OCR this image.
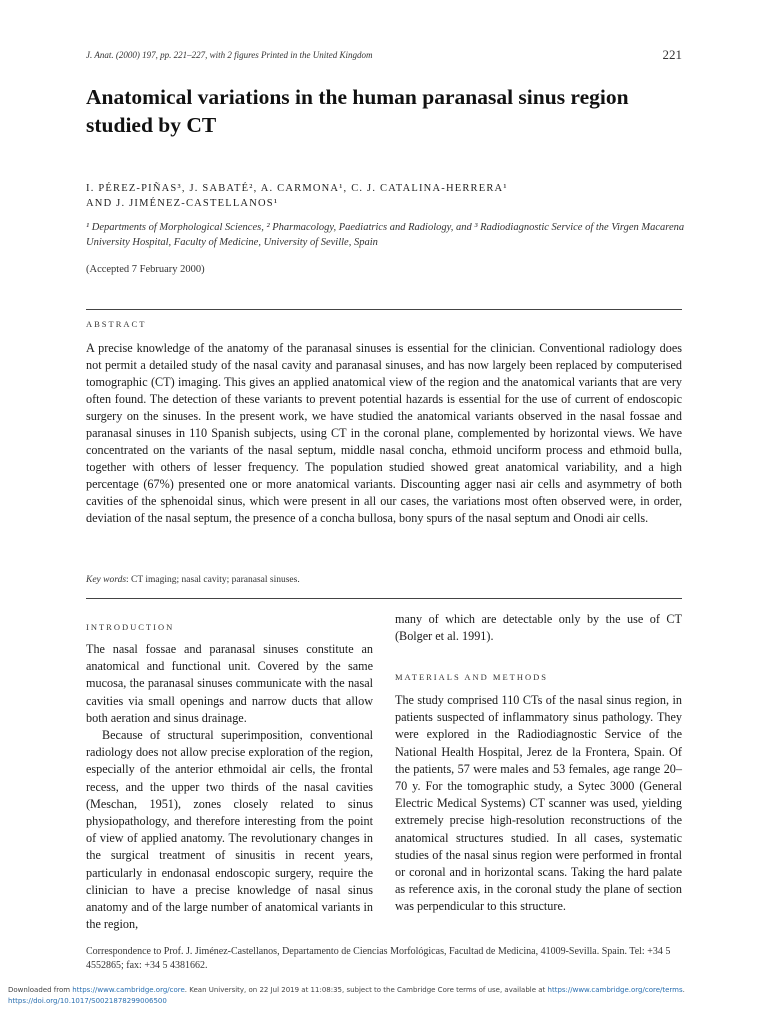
J. Anat. (2000) 197, pp. 221–227, with 2 figures Printed in the United Kingdom	221
Anatomical variations in the human paranasal sinus region studied by CT
I. PÉREZ-PIÑAS³, J. SABATÉ², A. CARMONA¹, C. J. CATALINA-HERRERA¹
AND J. JIMÉNEZ-CASTELLANOS¹
¹ Departments of Morphological Sciences, ² Pharmacology, Paediatrics and Radiology, and ³ Radiodiagnostic Service of the Virgen Macarena University Hospital, Faculty of Medicine, University of Seville, Spain
(Accepted 7 February 2000)
ABSTRACT
A precise knowledge of the anatomy of the paranasal sinuses is essential for the clinician. Conventional radiology does not permit a detailed study of the nasal cavity and paranasal sinuses, and has now largely been replaced by computerised tomographic (CT) imaging. This gives an applied anatomical view of the region and the anatomical variants that are very often found. The detection of these variants to prevent potential hazards is essential for the use of current of endoscopic surgery on the sinuses. In the present work, we have studied the anatomical variants observed in the nasal fossae and paranasal sinuses in 110 Spanish subjects, using CT in the coronal plane, complemented by horizontal views. We have concentrated on the variants of the nasal septum, middle nasal concha, ethmoid unciform process and ethmoid bulla, together with others of lesser frequency. The population studied showed great anatomical variability, and a high percentage (67%) presented one or more anatomical variants. Discounting agger nasi air cells and asymmetry of both cavities of the sphenoidal sinus, which were present in all our cases, the variations most often observed were, in order, deviation of the nasal septum, the presence of a concha bullosa, bony spurs of the nasal septum and Onodi air cells.
Key words: CT imaging; nasal cavity; paranasal sinuses.
INTRODUCTION

The nasal fossae and paranasal sinuses constitute an anatomical and functional unit. Covered by the same mucosa, the paranasal sinuses communicate with the nasal cavities via small openings and narrow ducts that allow both aeration and sinus drainage.

Because of structural superimposition, conventional radiology does not allow precise exploration of the region, especially of the anterior ethmoidal air cells, the frontal recess, and the upper two thirds of the nasal cavities (Meschan, 1951), zones closely related to sinus physiopathology, and therefore interesting from the point of view of applied anatomy. The revolutionary changes in the surgical treatment of sinusitis in recent years, particularly in endonasal endoscopic surgery, require the clinician to have a precise knowledge of nasal sinus anatomy and of the large number of anatomical variants in the region,

many of which are detectable only by the use of CT (Bolger et al. 1991).
MATERIALS AND METHODS
The study comprised 110 CTs of the nasal sinus region, in patients suspected of inflammatory sinus pathology. They were explored in the Radiodiagnostic Service of the National Health Hospital, Jerez de la Frontera, Spain. Of the patients, 57 were males and 53 females, age range 20–70 y. For the tomographic study, a Sytec 3000 (General Electric Medical Systems) CT scanner was used, yielding extremely precise high-resolution reconstructions of the anatomical structures studied. In all cases, systematic studies of the nasal sinus region were performed in frontal or coronal and in horizontal scans. Taking the hard palate as reference axis, in the coronal study the plane of section was perpendicular to this structure.
Correspondence to Prof. J. Jiménez-Castellanos, Departamento de Ciencias Morfológicas, Facultad de Medicina, 41009-Sevilla. Spain. Tel: +34 5 4552865; fax: +34 5 4381662.
Downloaded from https://www.cambridge.org/core. Kean University, on 22 Jul 2019 at 11:08:35, subject to the Cambridge Core terms of use, available at https://www.cambridge.org/core/terms.
https://doi.org/10.1017/S0021878299006500
